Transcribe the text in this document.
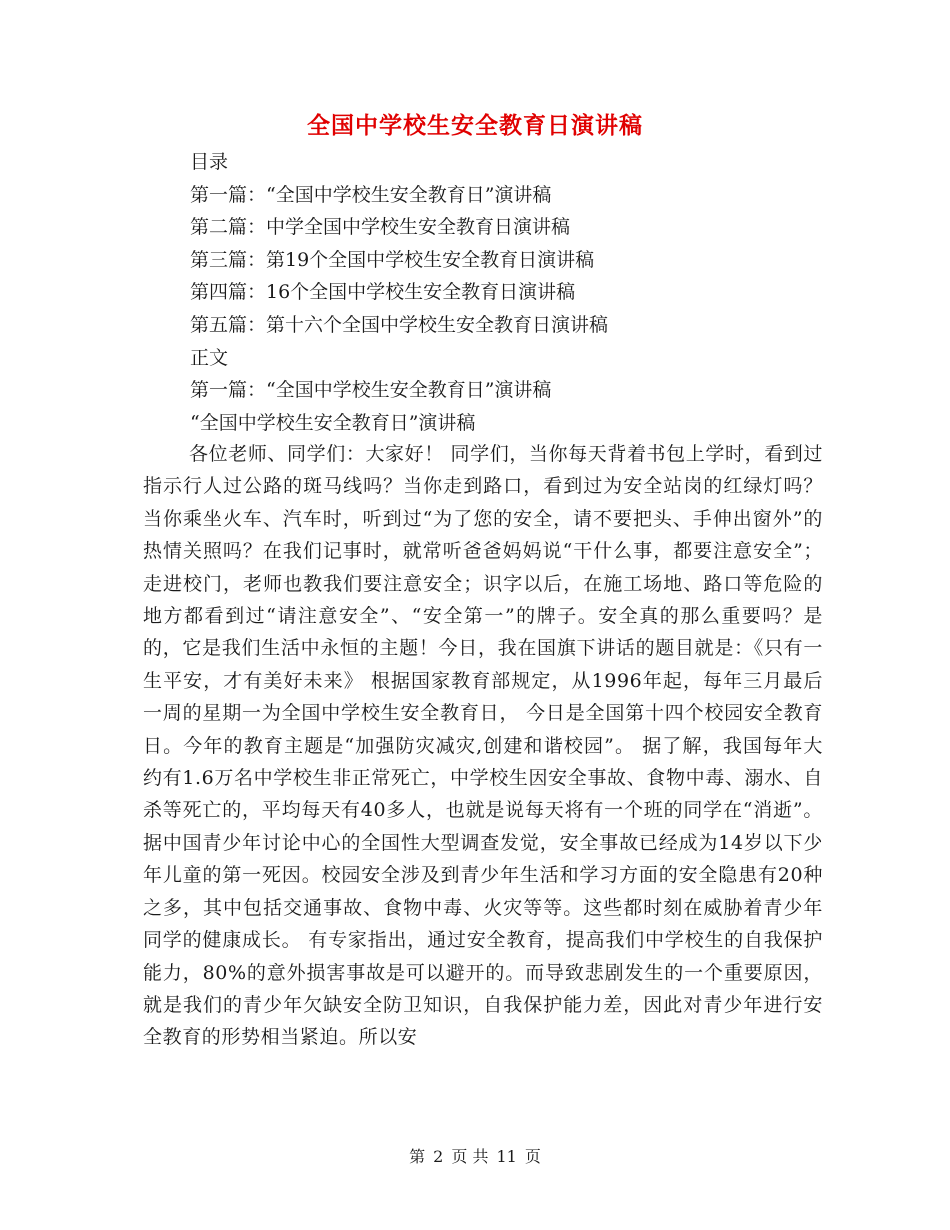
全国中学校生安全教育日演讲稿
目录
第一篇：“全国中学校生安全教育日”演讲稿
第二篇：中学全国中学校生安全教育日演讲稿
第三篇：第19个全国中学校生安全教育日演讲稿
第四篇：16个全国中学校生安全教育日演讲稿
第五篇：第十六个全国中学校生安全教育日演讲稿
正文
第一篇：“全国中学校生安全教育日”演讲稿
“全国中学校生安全教育日”演讲稿

各位老师、同学们：大家好！ 同学们，当你每天背着书包上学时，看到过指示行人过公路的斑马线吗？当你走到路口，看到过为安全站岗的红绿灯吗？当你乘坐火车、汽车时，听到过“为了您的安全，请不要把头、手伸出窗外”的热情关照吗？在我们记事时，就常听爸爸妈妈说“干什么事，都要注意安全”；走进校门，老师也教我们要注意安全；识字以后，在施工场地、路口等危险的地方都看到过“请注意安全”、“安全第一”的牌子。安全真的那么重要吗？是的，它是我们生活中永恒的主题！今日，我在国旗下讲话的题目就是：《只有一生平安，才有美好未来》 根据国家教育部规定，从1996年起，每年三月最后一周的星期一为全国中学校生安全教育日， 今日是全国第十四个校园安全教育日。今年的教育主题是“加强防灾减灾,创建和谐校园”。 据了解，我国每年大约有1.6万名中学校生非正常死亡，中学校生因安全事故、食物中毒、溺水、自杀等死亡的，平均每天有40多人，也就是说每天将有一个班的同学在“消逝”。 据中国青少年讨论中心的全国性大型调查发觉，安全事故已经成为14岁以下少年儿童的第一死因。校园安全涉及到青少年生活和学习方面的安全隐患有20种之多，其中包括交通事故、食物中毒、火灾等等。这些都时刻在威胁着青少年同学的健康成长。 有专家指出，通过安全教育，提高我们中学校生的自我保护能力，80%的意外损害事故是可以避开的。而导致悲剧发生的一个重要原因，就是我们的青少年欠缺安全防卫知识，自我保护能力差，因此对青少年进行安全教育的形势相当紧迫。所以安

第 2 页 共 11 页
